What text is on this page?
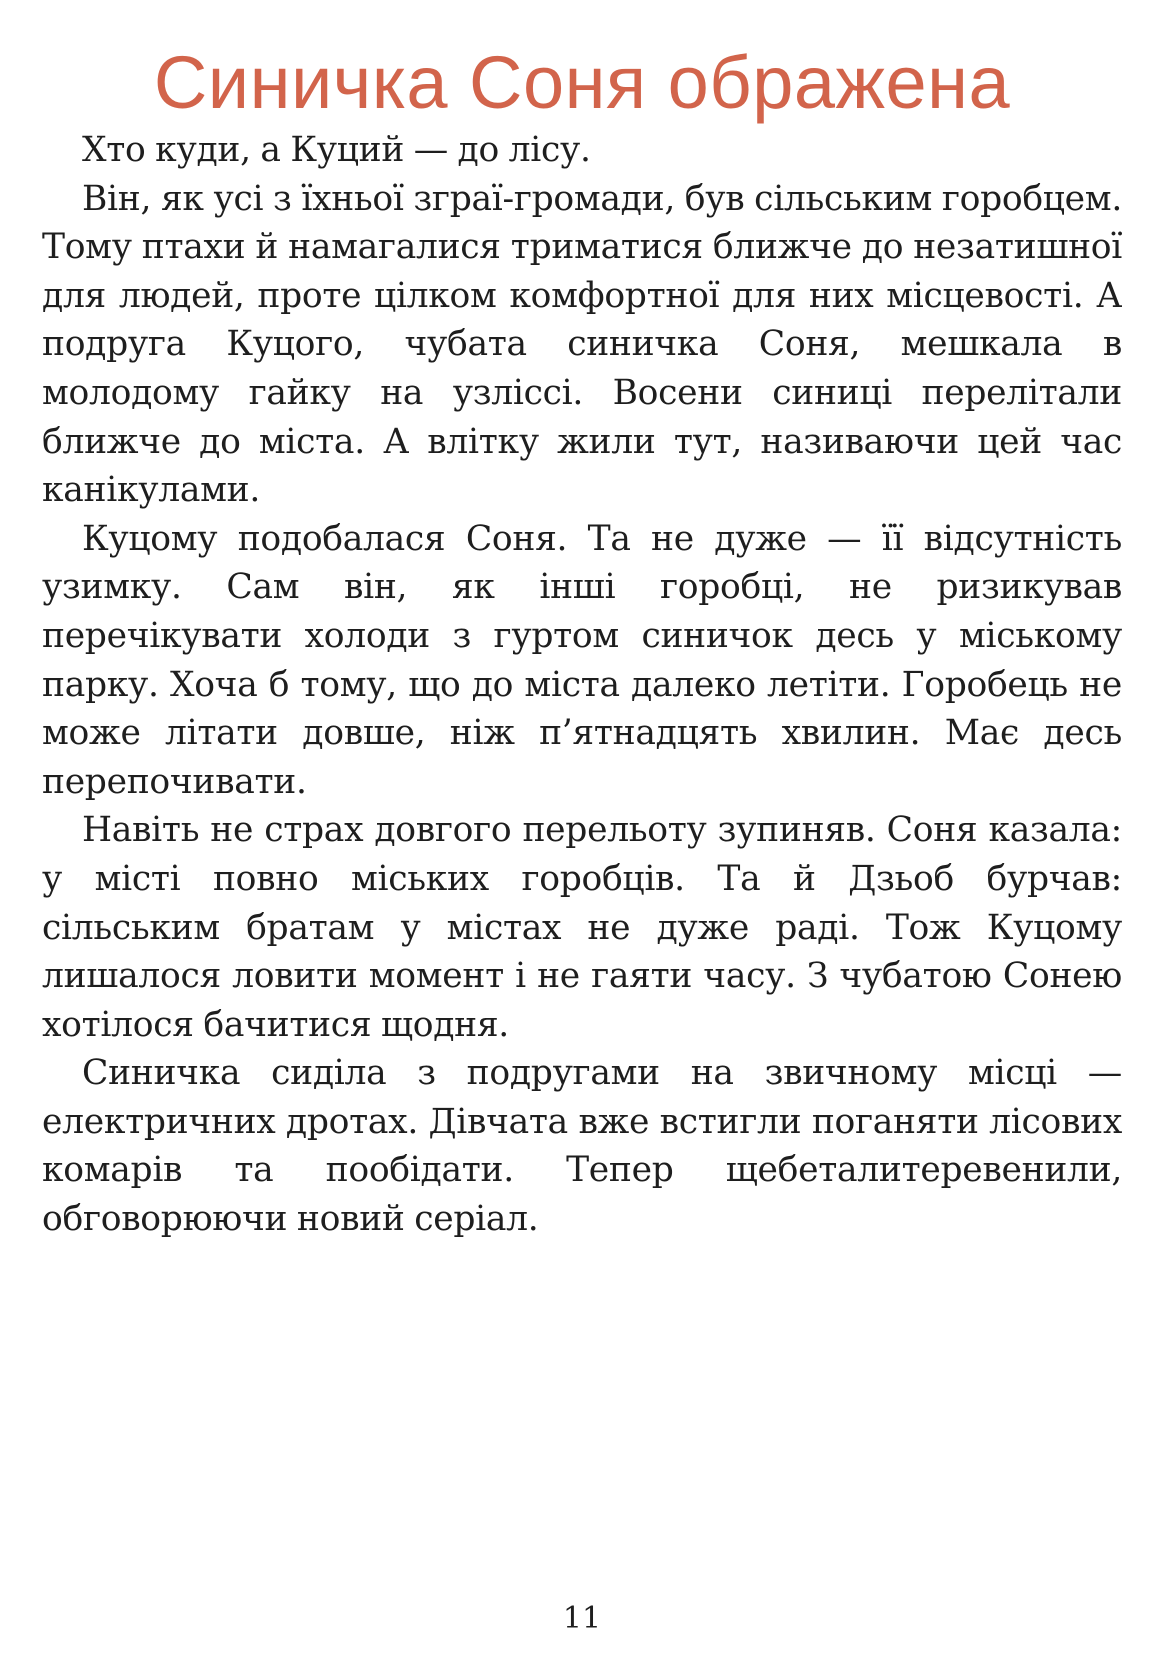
Синичка Соня ображена

Хто куди, а Куций — до лісу.

Він, як усі з їхньої зграї-громади, був сільським горобцем. Тому птахи й намагалися триматися ближче до незатишної для людей, проте цілком комфортної для них місцевості. А подруга Куцого, чубата синичка Соня, мешкала в молодому гайку на узліссі. Восени синиці перелітали ближче до міста. А влітку жили тут, називаючи цей час канікулами.

Куцому подобалася Соня. Та не дуже — її відсутність узимку. Сам він, як інші горобці, не ризикував перечікувати холоди з гуртом синичок десь у міському парку. Хоча б тому, що до міста далеко летіти. Горобець не може літати довше, ніж п’ятнадцять хвилин. Має десь перепочивати.

Навіть не страх довгого перельоту зупиняв. Соня казала: у місті повно міських горобців. Та й Дзьоб бурчав: сільським братам у містах не дуже раді. Тож Куцому лишалося ловити момент і не гаяти часу. З чубатою Сонею хотілося бачитися щодня.

Синичка сиділа з подругами на звичному місці — електричних дротах. Дівчата вже встигли поганяти лісових комарів та пообідати. Тепер щебеталитеревенили, обговорюючи новий серіал.

11
